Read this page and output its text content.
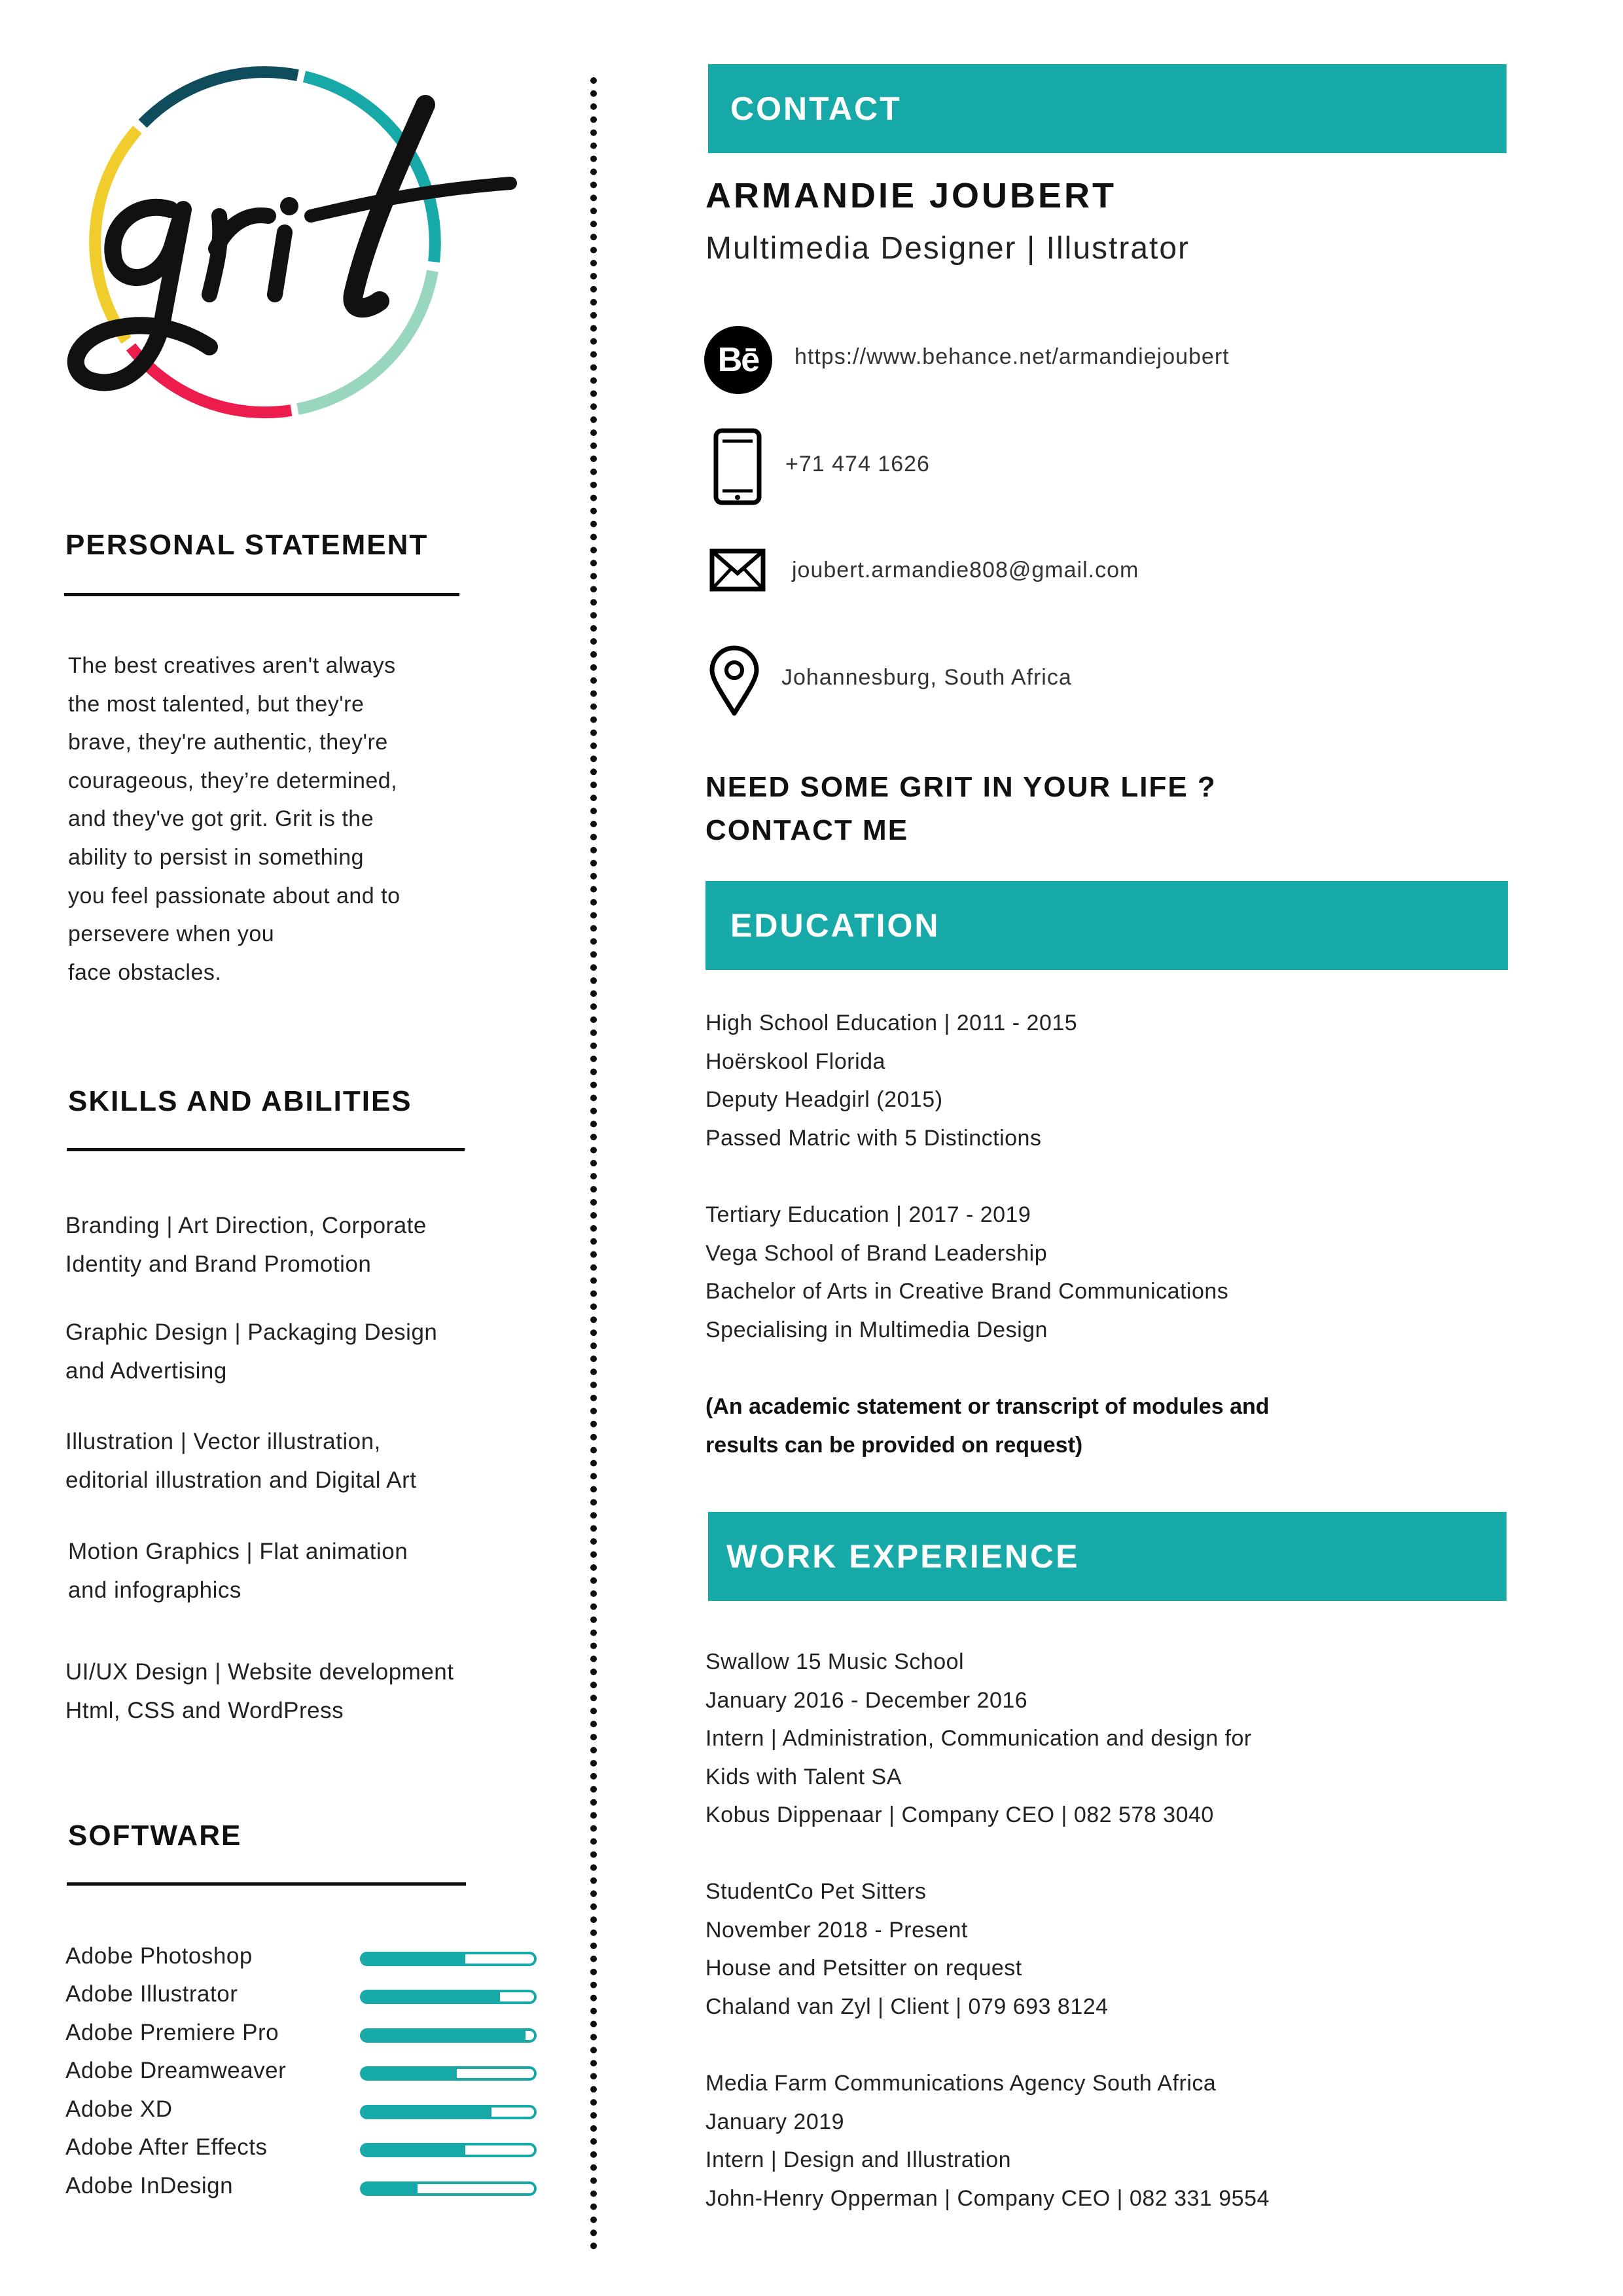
PERSONAL STATEMENT
The best creatives aren't always
the most talented, but they're
brave, they're authentic, they're
courageous, they’re determined,
and they've got grit. Grit is the
ability to persist in something
you feel passionate about and to
persevere when you
face obstacles.
SKILLS AND ABILITIES
Branding | Art Direction, Corporate
Identity and Brand Promotion
Graphic Design | Packaging Design
and Advertising
Illustration | Vector illustration,
editorial illustration and Digital Art
Motion Graphics | Flat animation
and infographics
UI/UX Design | Website development
Html, CSS and WordPress
SOFTWARE
Adobe Photoshop
Adobe Illustrator
Adobe Premiere Pro
Adobe Dreamweaver
Adobe XD
Adobe After Effects
Adobe InDesign
CONTACT
ARMANDIE JOUBERT
Multimedia Designer | Illustrator
Bē	https://www.behance.net/armandiejoubert
+71 474 1626
joubert.armandie808@gmail.com
Johannesburg, South Africa
NEED SOME GRIT IN YOUR LIFE ?
CONTACT ME
EDUCATION
High School Education | 2011 - 2015
Hoërskool Florida
Deputy Headgirl (2015)
Passed Matric with 5 Distinctions
Tertiary Education | 2017 - 2019
Vega School of Brand Leadership
Bachelor of Arts in Creative Brand Communications
Specialising in Multimedia Design
(An academic statement or transcript of modules and
results can be provided on request)
WORK EXPERIENCE
Swallow 15 Music School
January 2016 - December 2016
Intern | Administration, Communication and design for
Kids with Talent SA
Kobus Dippenaar | Company CEO | 082 578 3040
StudentCo Pet Sitters
November 2018 - Present
House and Petsitter on request
Chaland van Zyl | Client | 079 693 8124
Media Farm Communications Agency South Africa
January 2019
Intern | Design and Illustration
John-Henry Opperman | Company CEO | 082 331 9554
